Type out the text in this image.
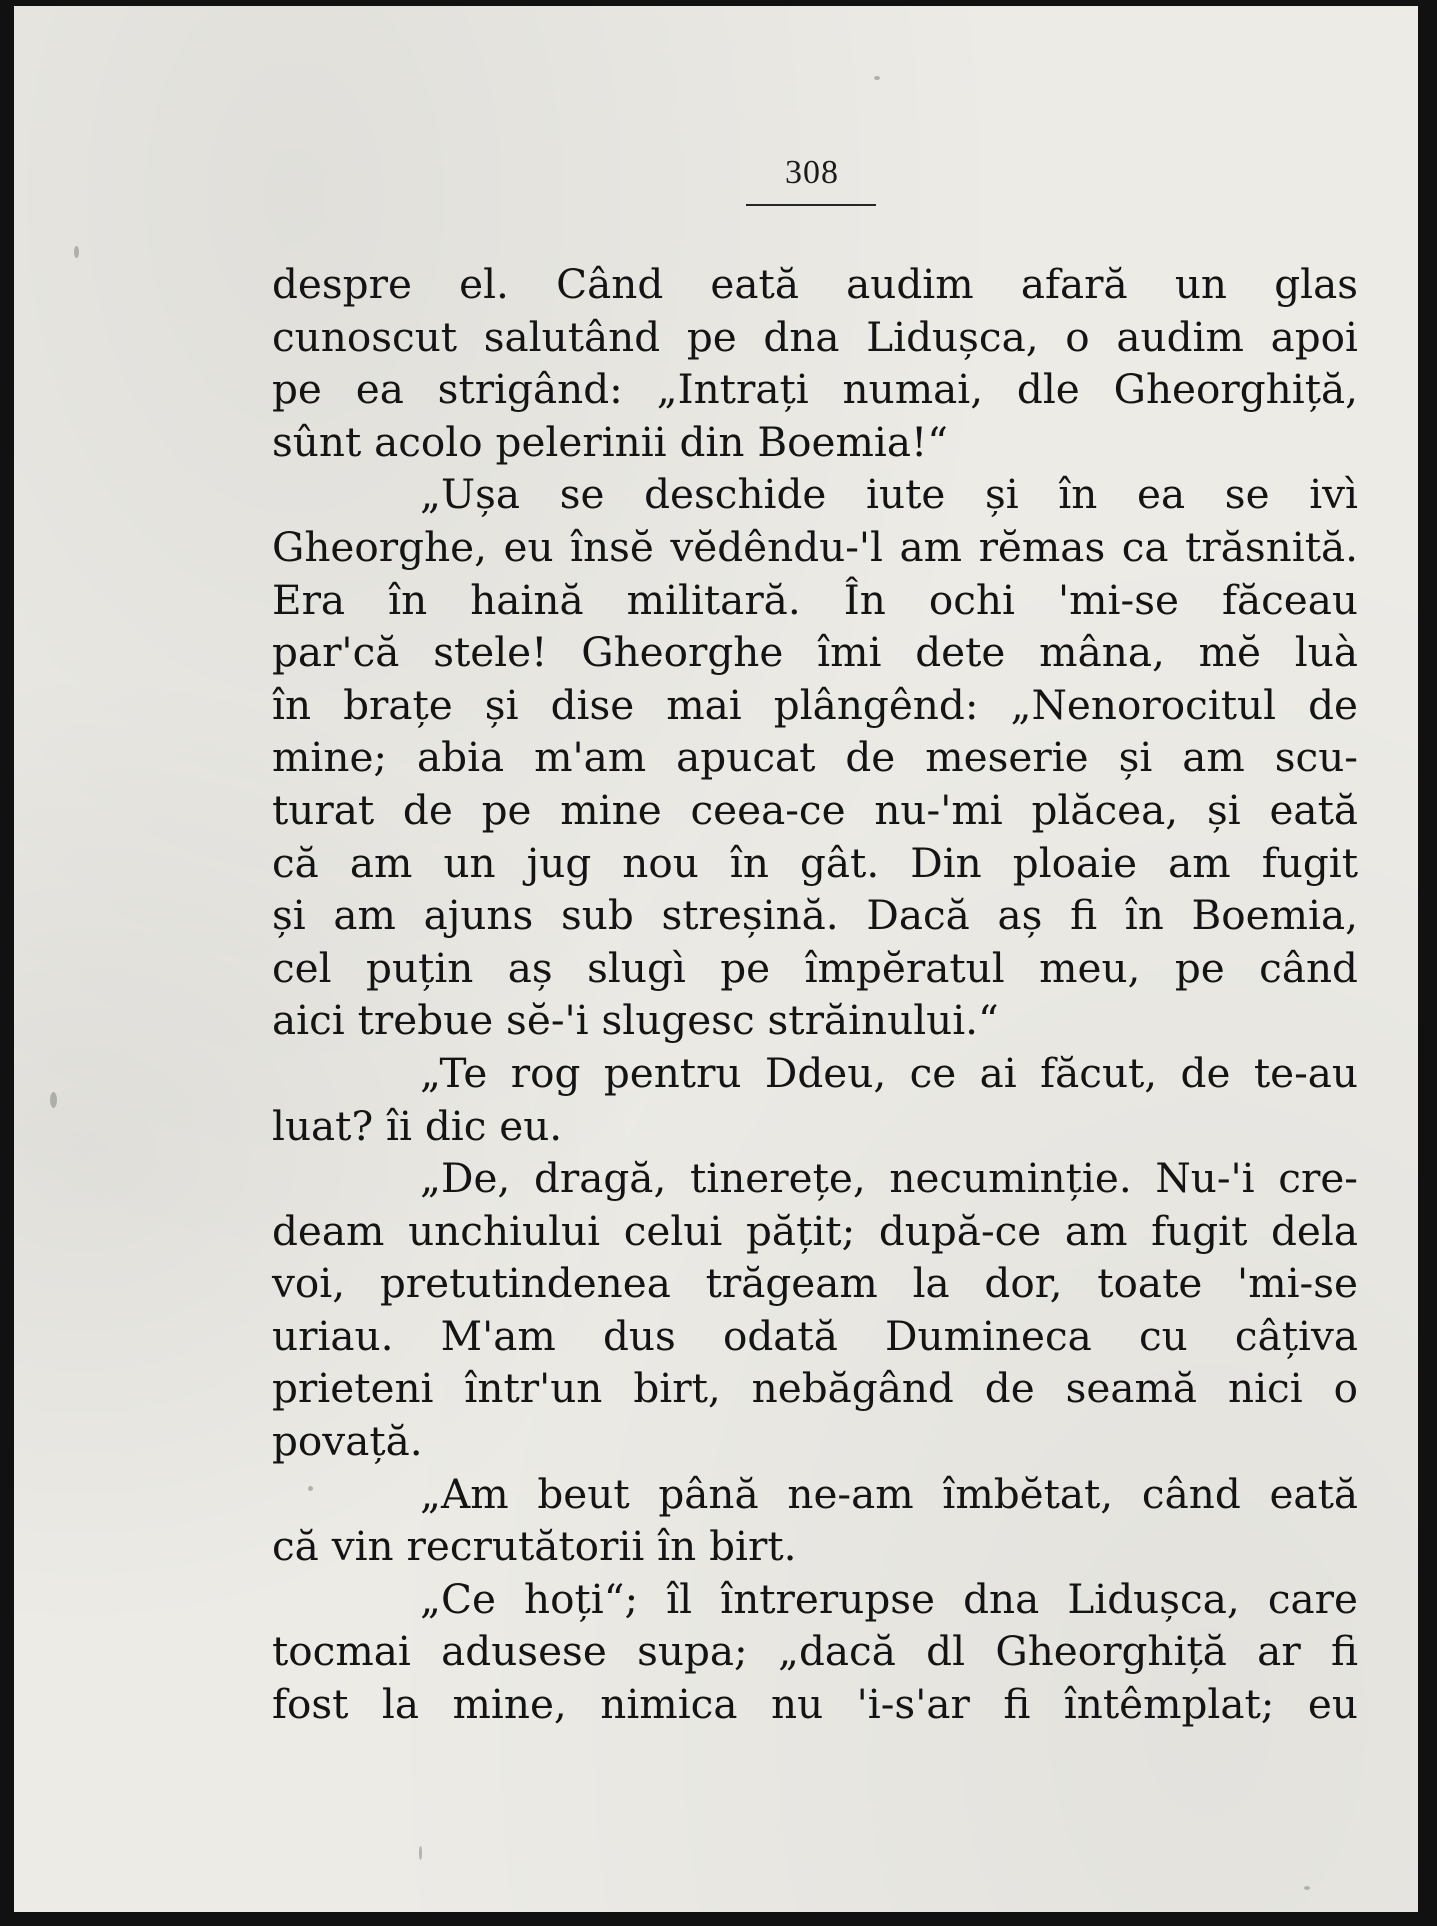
308
despre el. Când eată audim afară un glas
cunoscut salutând pe dna Lidușca, o audim apoi
pe ea strigând: „Intrați numai, dle Gheorghiță,
sûnt acolo pelerinii din Boemia!“
„Ușa se deschide iute și în ea se ivì
Gheorghe, eu însĕ vĕdêndu-'l am rĕmas ca trăsnită.
Era în haină militară. În ochi 'mi-se făceau
par'că stele! Gheorghe îmi dete mâna, mĕ luà
în brațe și dise mai plângênd: „Nenorocitul de
mine; abia m'am apucat de meserie și am scu-
turat de pe mine ceea-ce nu-'mi plăcea, și eată
că am un jug nou în gât. Din ploaie am fugit
și am ajuns sub streșină. Dacă aș fi în Boemia,
cel puțin aș slugì pe împĕratul meu, pe când
aici trebue sĕ-'i slugesc străinului.“
„Te rog pentru Ddeu, ce ai făcut, de te-au
luat? îi dic eu.
„De, dragă, tinerețe, necuminție. Nu-'i cre-
deam unchiului celui pățit; după-ce am fugit dela
voi, pretutindenea trăgeam la dor, toate 'mi-se
uriau. M'am dus odată Dumineca cu câțiva
prieteni într'un birt, nebăgând de seamă nici o
povață.
„Am beut până ne-am îmbĕtat, când eată
că vin recrutătorii în birt.
„Ce hoți“; îl întrerupse dna Lidușca, care
tocmai adusese supa; „dacă dl Gheorghiță ar fi
fost la mine, nimica nu 'i-s'ar fi întêmplat; eu
